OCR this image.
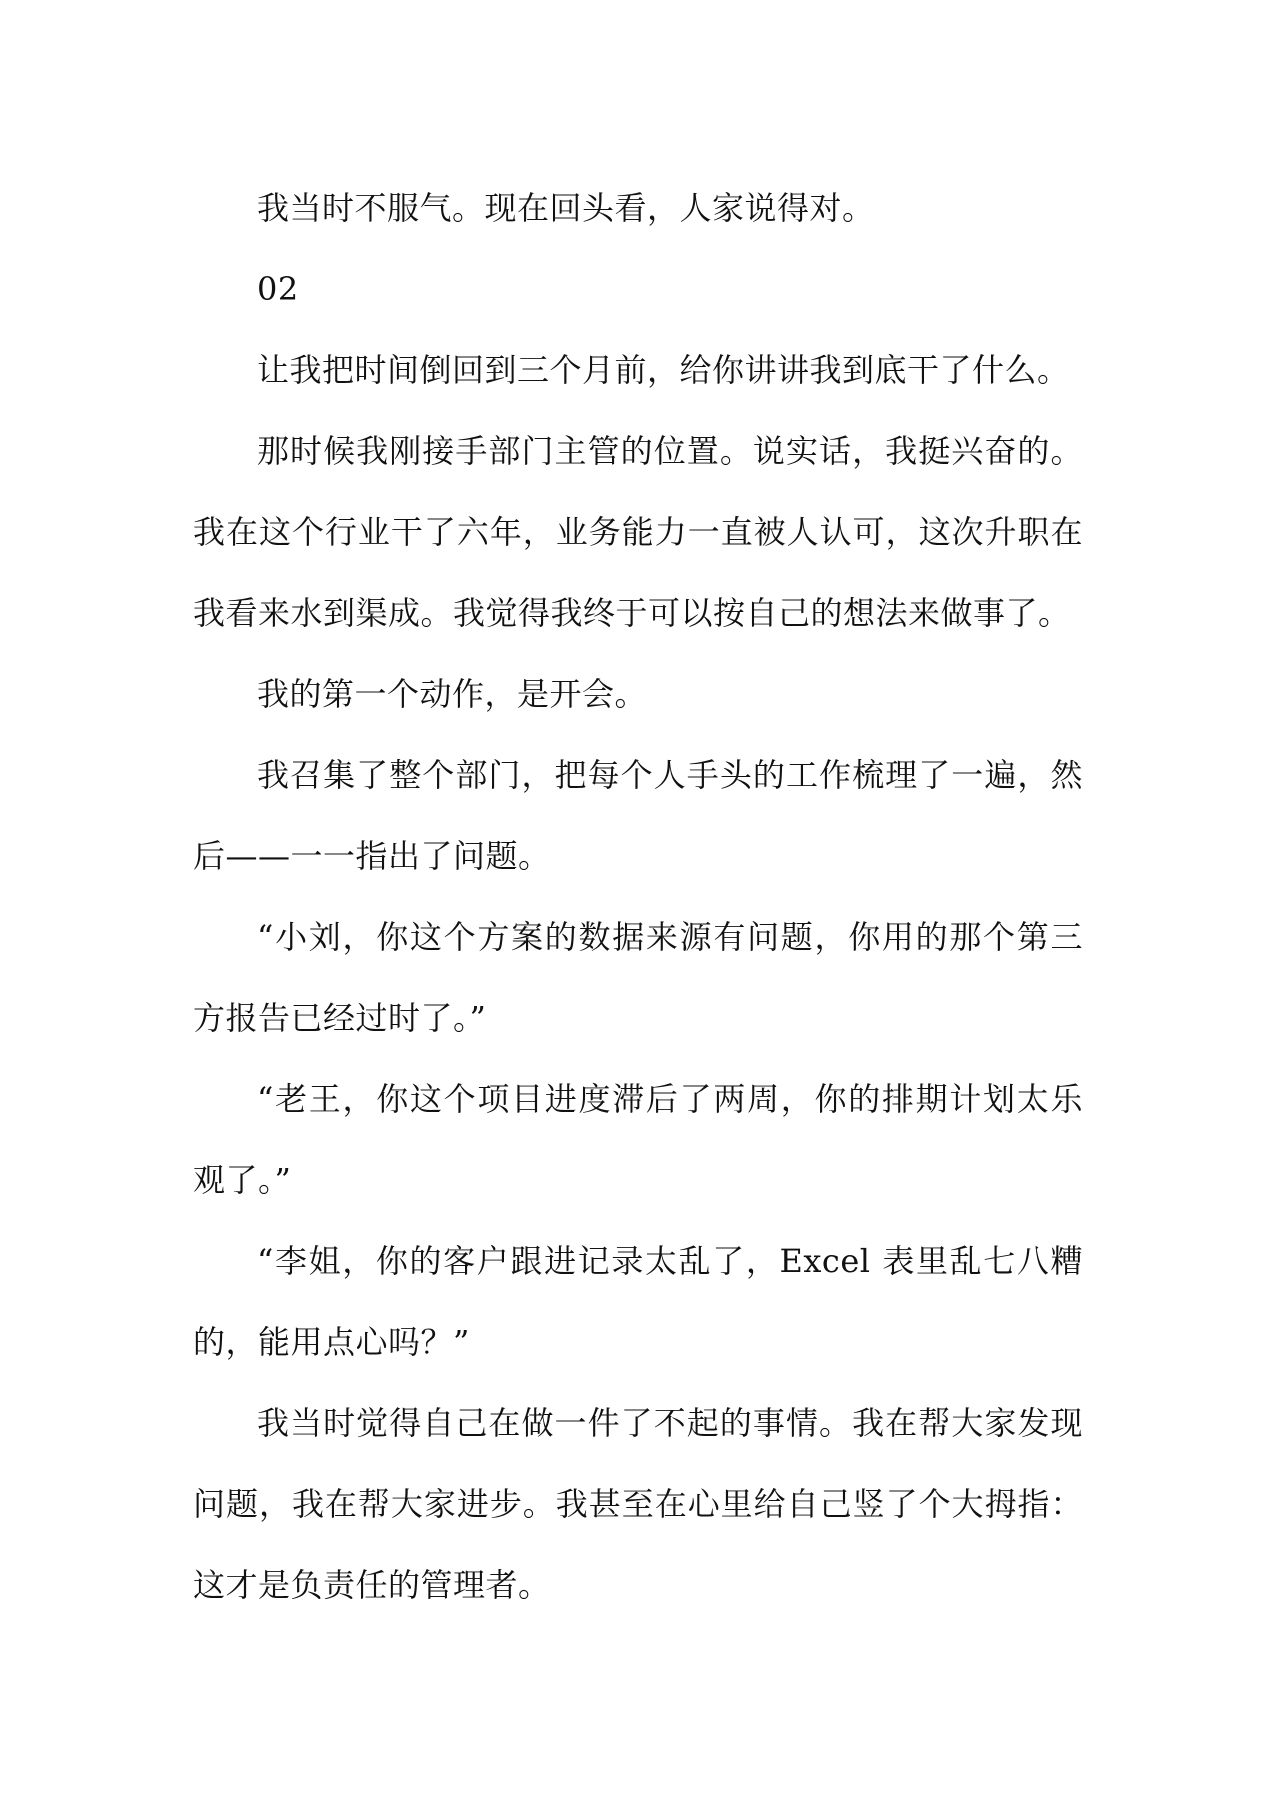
我当时不服气。现在回头看，人家说得对。

02

让我把时间倒回到三个月前，给你讲讲我到底干了什么。

那时候我刚接手部门主管的位置。说实话，我挺兴奋的。我在这个行业干了六年，业务能力一直被人认可，这次升职在我看来水到渠成。我觉得我终于可以按自己的想法来做事了。

我的第一个动作，是开会。

我召集了整个部门，把每个人手头的工作梳理了一遍，然后——一一指出了问题。

“小刘，你这个方案的数据来源有问题，你用的那个第三方报告已经过时了。”

“老王，你这个项目进度滞后了两周，你的排期计划太乐观了。”

“李姐，你的客户跟进记录太乱了，Excel 表里乱七八糟的，能用点心吗？”

我当时觉得自己在做一件了不起的事情。我在帮大家发现问题，我在帮大家进步。我甚至在心里给自己竖了个大拇指：这才是负责任的管理者。
